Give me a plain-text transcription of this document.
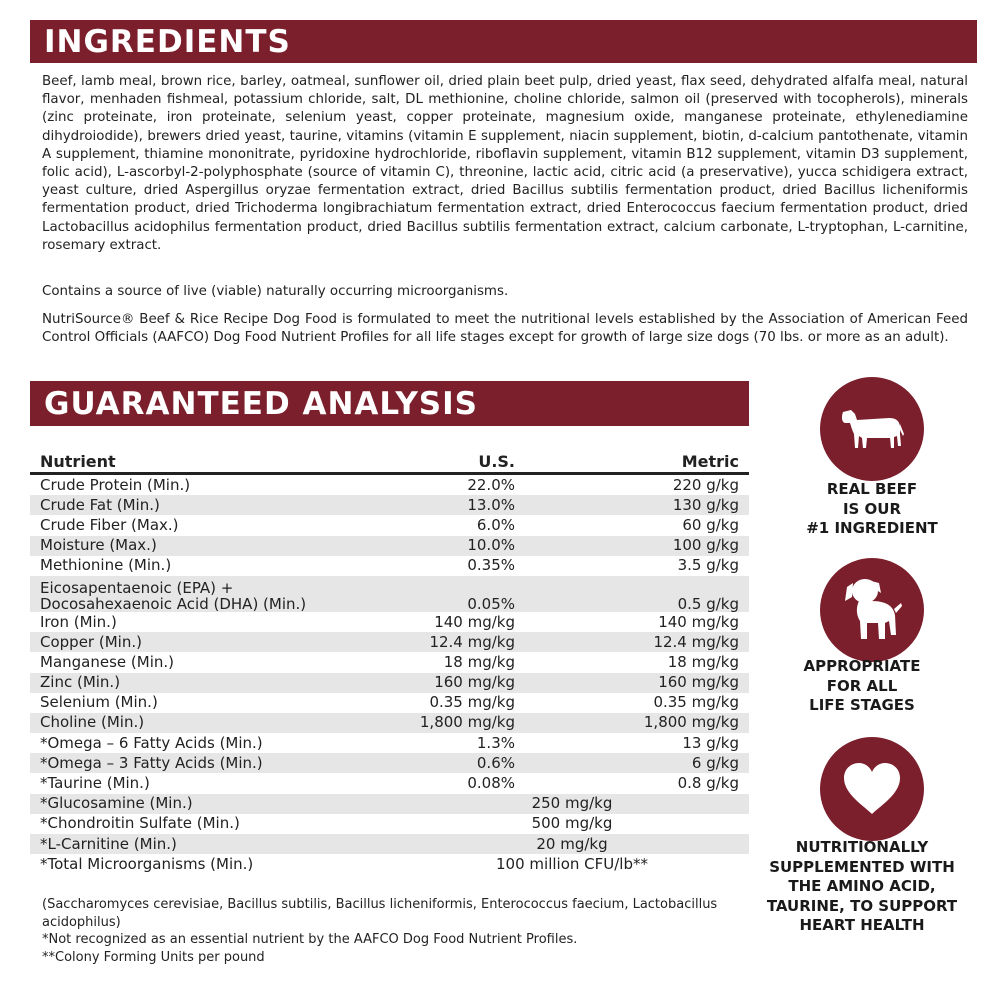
INGREDIENTS

Beef, lamb meal, brown rice, barley, oatmeal, sunflower oil, dried plain beet pulp, dried yeast, flax seed, dehydrated alfalfa meal, natural flavor, menhaden fishmeal, potassium chloride, salt, DL methionine, choline chloride, salmon oil (preserved with tocopherols), minerals (zinc proteinate, iron proteinate, selenium yeast, copper proteinate, magnesium oxide, manganese proteinate, ethylenediamine dihydroiodide), brewers dried yeast, taurine, vitamins (vitamin E supplement, niacin supplement, biotin, d-calcium pantothenate, vitamin A supplement, thiamine mononitrate, pyridoxine hydrochloride, riboflavin supplement, vitamin B12 supplement, vitamin D3 supplement, folic acid), L-ascorbyl-2-polyphosphate (source of vitamin C), threonine, lactic acid, citric acid (a preservative), yucca schidigera extract, yeast culture, dried Aspergillus oryzae fermentation extract, dried Bacillus subtilis fermentation product, dried Bacillus licheniformis fermentation product, dried Trichoderma longibrachiatum fermentation extract, dried Enterococcus faecium fermentation product, dried Lactobacillus acidophilus fermentation product, dried Bacillus subtilis fermentation extract, calcium carbonate, L-tryptophan, L-carnitine, rosemary extract.

Contains a source of live (viable) naturally occurring microorganisms.

NutriSource® Beef & Rice Recipe Dog Food is formulated to meet the nutritional levels established by the Association of American Feed Control Officials (AAFCO) Dog Food Nutrient Profiles for all life stages except for growth of large size dogs (70 lbs. or more as an adult).

GUARANTEED ANALYSIS
Nutrient	U.S.	Metric
Crude Protein (Min.)	22.0%	220 g/kg
Crude Fat (Min.)	13.0%	130 g/kg
Crude Fiber (Max.)	6.0%	60 g/kg
Moisture (Max.)	10.0%	100 g/kg
Methionine (Min.)	0.35%	3.5 g/kg
Eicosapentaenoic (EPA) +
Docosahexaenoic Acid (DHA) (Min.)	0.05%	0.5 g/kg
Iron (Min.)	140 mg/kg	140 mg/kg
Copper (Min.)	12.4 mg/kg	12.4 mg/kg
Manganese (Min.)	18 mg/kg	18 mg/kg
Zinc (Min.)	160 mg/kg	160 mg/kg
Selenium (Min.)	0.35 mg/kg	0.35 mg/kg
Choline (Min.)	1,800 mg/kg	1,800 mg/kg
*Omega – 6 Fatty Acids (Min.)	1.3%	13 g/kg
*Omega – 3 Fatty Acids (Min.)	0.6%	6 g/kg
*Taurine (Min.)	0.08%	0.8 g/kg
*Glucosamine (Min.)	250 mg/kg	
*Chondroitin Sulfate (Min.)	500 mg/kg	
*L-Carnitine (Min.)	20 mg/kg	
*Total Microorganisms (Min.)	100 million CFU/lb**	
(Saccharomyces cerevisiae, Bacillus subtilis, Bacillus licheniformis, Enterococcus faecium, Lactobacillus acidophilus)
*Not recognized as an essential nutrient by the AAFCO Dog Food Nutrient Profiles.
**Colony Forming Units per pound
REAL BEEF
IS OUR
#1 INGREDIENT
APPROPRIATE
FOR ALL
LIFE STAGES
NUTRITIONALLY
SUPPLEMENTED WITH
THE AMINO ACID,
TAURINE, TO SUPPORT
HEART HEALTH
